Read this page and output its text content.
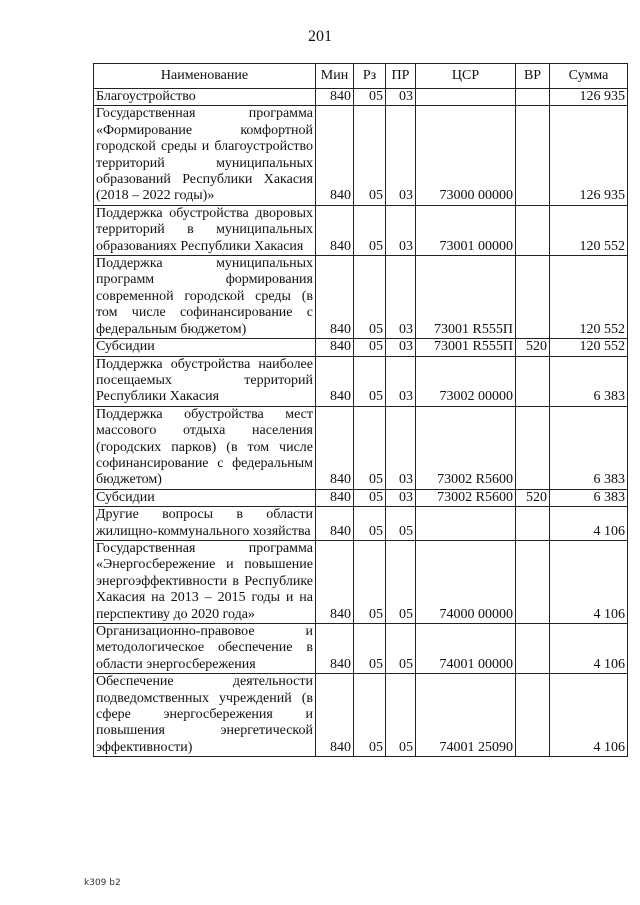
201
Наименование	Мин	Рз	ПР	ЦСР	ВР	Сумма
Благоустройство	840	05	03			126 935
Государственная программа «Формирование комфортной городской среды и благоустройство территорий муниципальных образований Республики Хакасия (2018 – 2022 годы)»	840	05	03	73000 00000		126 935
Поддержка обустройства дворовых территорий в муниципальных образованиях Республики Хакасия	840	05	03	73001 00000		120 552
Поддержка муниципальных программ формирования современной городской среды (в том числе софинансирование с федеральным бюджетом)	840	05	03	73001 R555П		120 552
Субсидии	840	05	03	73001 R555П	520	120 552
Поддержка обустройства наиболее посещаемых территорий Республики Хакасия	840	05	03	73002 00000		6 383
Поддержка обустройства мест массового отдыха населения (городских парков) (в том числе софинансирование с федеральным бюджетом)	840	05	03	73002 R5600		6 383
Субсидии	840	05	03	73002 R5600	520	6 383
Другие вопросы в области жилищно-коммунального хозяйства	840	05	05			4 106
Государственная программа «Энергосбережение и повышение энергоэффективности в Республике Хакасия на 2013 – 2015 годы и на перспективу до 2020 года»	840	05	05	74000 00000		4 106
Организационно-правовое и методологическое обеспечение в области энергосбережения	840	05	05	74001 00000		4 106
Обеспечение деятельности подведомственных учреждений (в сфере энергосбережения и повышения энергетической эффективности)	840	05	05	74001 25090		4 106
k309 b2
